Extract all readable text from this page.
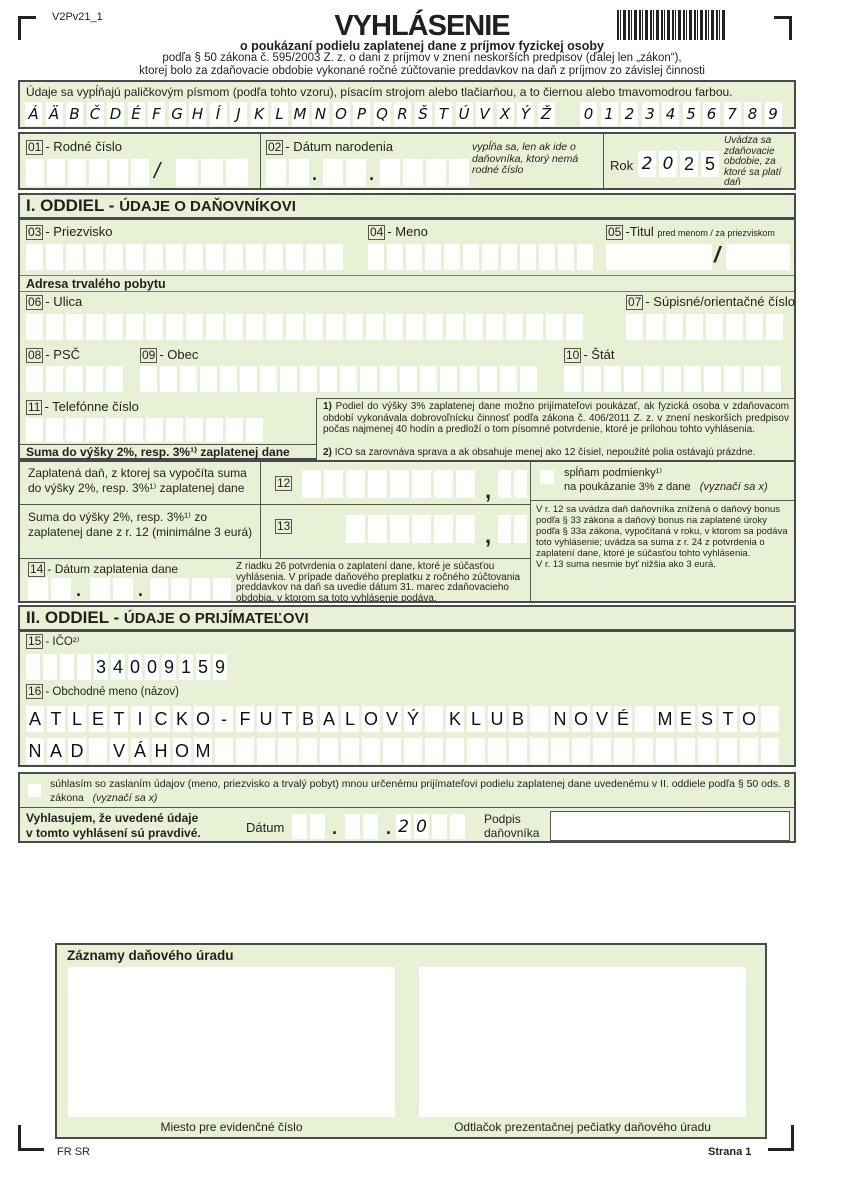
V2Pv21_1	VYHLÁSENIE
o poukázaní podielu zaplatenej dane z príjmov fyzickej osoby
podľa § 50 zákona č. 595/2003 Z. z. o dani z príjmov v znení neskorších predpisov (ďalej len „zákon“),
ktorej bolo za zdaňovacie obdobie vykonané ročné zúčtovanie preddavkov na daň z príjmov zo závislej činnosti
Údaje sa vypĺňajú paličkovým písmom (podľa tohto vzoru), písacím strojom alebo tlačiarňou, a to čiernou alebo tmavomodrou farbou.
Á Ä B Č D É F G H Í	J K L M N O P Q R Š T Ú V X Ý Ž 0 1 2 3 4 5 6 7 8 9
01 - Rodné číslo
/
02 - Dátum narodenia
.	.
vypĺňa sa, len ak ide o daňovníka, ktorý nemá rodné číslo	Rok 2 0 2 5
Uvádza sa zdaňovacie obdobie, za ktoré sa platí daň
I. ODDIEL - ÚDAJE O DAŇOVNÍKOVI
03 - Priezvisko	04 - Meno	05 -Titul pred menom / za priezviskom
/
Adresa trvalého pobytu
06 - Ulica	07 - Súpisné/orientačné číslo
08 - PSČ	09 - Obec	10 - Štát
11 - Telefónne číslo	1) Podiel do výšky 3% zaplatenej dane možno prijímateľovi poukázať, ak fyzická osoba v zdaňovacom období vykonávala dobrovoľnícku činnosť podľa zákona č. 406/2011 Z. z. v znení neskorších predpisov počas najmenej 40 hodín a predloží o tom písomné potvrdenie, ktoré je prílohou tohto vyhlásenia.
2) IČO sa zarovnáva sprava a ak obsahuje menej ako 12 čísiel, nepoužité polia ostávajú prázdne.
Suma do výšky 2%, resp. 3%¹⁾ zaplatenej dane
Zaplatená daň, z ktorej sa vypočíta suma do výšky 2%, resp. 3%¹⁾ zaplatenej dane	12	,
Suma do výšky 2%, resp. 3%¹⁾ zo zaplatenej dane z r. 12 (minimálne 3 eurá)	13	,
14 - Dátum zaplatenia dane
.	.
Z riadku 26 potvrdenia o zaplatení dane, ktoré je súčasťou vyhlásenia. V prípade daňového preplatku z ročného zúčtovania preddavkov na daň sa uvedie dátum 31. marec zdaňovacieho obdobia, v ktorom sa toto vyhlásenie podáva.
spĺňam podmienky¹⁾
na poukázanie 3% z dane (vyznačí sa x)
V r. 12 sa uvádza daň daňovníka znížená o daňový bonus podľa § 33 zákona a daňový bonus na zaplatené úroky podľa § 33a zákona, vypočítaná v roku, v ktorom sa podáva toto vyhlásenie; uvádza sa suma z r. 24 z potvrdenia o zaplatení dane, ktoré je súčasťou tohto vyhlásenia.
V r. 13 suma nesmie byť nižšia ako 3 eurá.
II. ODDIEL - ÚDAJE O PRIJÍMATEĽOVI
15 - IČO²⁾
3 4 0 0 9 1 5 9
16 - Obchodné meno (názov)
A T L E T I C K O - F U T B A L O V Ý K L U B N O V É M E S T O
N A D V Á H O M
súhlasím so zaslaním údajov (meno, priezvisko a trvalý pobyt) mnou určenému prijímateľovi podielu zaplatenej dane uvedenému v II. oddiele podľa § 50 ods. 8 zákona (vyznačí sa x)
Vyhlasujem, že uvedené údaje
v tomto vyhlásení sú pravdivé.	Dátum	.	. 2 0	Podpis
daňovníka
Záznamy daňového úradu
Miesto pre evidenčné číslo	Odtlačok prezentačnej pečiatky daňového úradu
FR SR	Strana 1
